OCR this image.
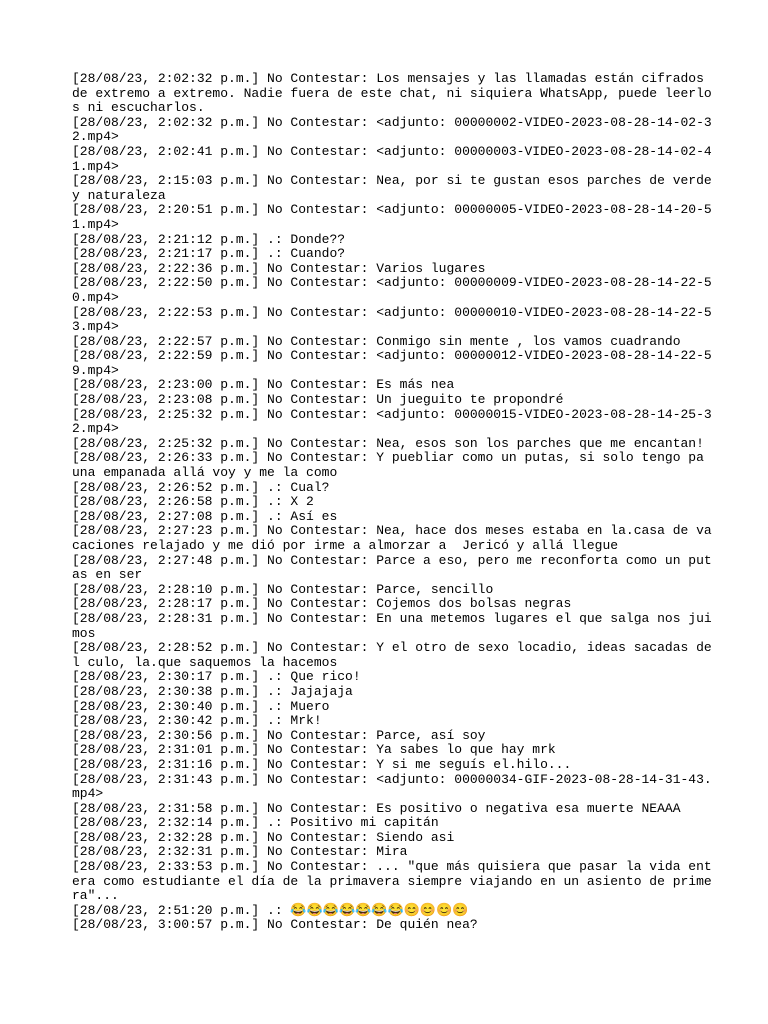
[28/08/23, 2:02:32 p.m.] No Contestar: Los mensajes y las llamadas están cifrados de extremo a extremo. Nadie fuera de este chat, ni siquiera WhatsApp, puede leerlos ni escucharlos.
[28/08/23, 2:02:32 p.m.] No Contestar: <adjunto: 00000002-VIDEO-2023-08-28-14-02-32.mp4>
[28/08/23, 2:02:41 p.m.] No Contestar: <adjunto: 00000003-VIDEO-2023-08-28-14-02-41.mp4>
[28/08/23, 2:15:03 p.m.] No Contestar: Nea, por si te gustan esos parches de verde y naturaleza
[28/08/23, 2:20:51 p.m.] No Contestar: <adjunto: 00000005-VIDEO-2023-08-28-14-20-51.mp4>
[28/08/23, 2:21:12 p.m.] .: Donde??
[28/08/23, 2:21:17 p.m.] .: Cuando?
[28/08/23, 2:22:36 p.m.] No Contestar: Varios lugares
[28/08/23, 2:22:50 p.m.] No Contestar: <adjunto: 00000009-VIDEO-2023-08-28-14-22-50.mp4>
[28/08/23, 2:22:53 p.m.] No Contestar: <adjunto: 00000010-VIDEO-2023-08-28-14-22-53.mp4>
[28/08/23, 2:22:57 p.m.] No Contestar: Conmigo sin mente , los vamos cuadrando
[28/08/23, 2:22:59 p.m.] No Contestar: <adjunto: 00000012-VIDEO-2023-08-28-14-22-59.mp4>
[28/08/23, 2:23:00 p.m.] No Contestar: Es más nea
[28/08/23, 2:23:08 p.m.] No Contestar: Un jueguito te propondré
[28/08/23, 2:25:32 p.m.] No Contestar: <adjunto: 00000015-VIDEO-2023-08-28-14-25-32.mp4>
[28/08/23, 2:25:32 p.m.] No Contestar: Nea, esos son los parches que me encantan!
[28/08/23, 2:26:33 p.m.] No Contestar: Y puebliar como un putas, si solo tengo pa una empanada allá voy y me la como
[28/08/23, 2:26:52 p.m.] .: Cual?
[28/08/23, 2:26:58 p.m.] .: X 2
[28/08/23, 2:27:08 p.m.] .: Así es
[28/08/23, 2:27:23 p.m.] No Contestar: Nea, hace dos meses estaba en la.casa de vacaciones relajado y me dió por irme a almorzar a  Jericó y allá llegue
[28/08/23, 2:27:48 p.m.] No Contestar: Parce a eso, pero me reconforta como un putas en ser
[28/08/23, 2:28:10 p.m.] No Contestar: Parce, sencillo
[28/08/23, 2:28:17 p.m.] No Contestar: Cojemos dos bolsas negras
[28/08/23, 2:28:31 p.m.] No Contestar: En una metemos lugares el que salga nos juimos
[28/08/23, 2:28:52 p.m.] No Contestar: Y el otro de sexo locadio, ideas sacadas del culo, la.que saquemos la hacemos
[28/08/23, 2:30:17 p.m.] .: Que rico!
[28/08/23, 2:30:38 p.m.] .: Jajajaja
[28/08/23, 2:30:40 p.m.] .: Muero
[28/08/23, 2:30:42 p.m.] .: Mrk!
[28/08/23, 2:30:56 p.m.] No Contestar: Parce, así soy
[28/08/23, 2:31:01 p.m.] No Contestar: Ya sabes lo que hay mrk
[28/08/23, 2:31:16 p.m.] No Contestar: Y si me seguís el.hilo...
[28/08/23, 2:31:43 p.m.] No Contestar: <adjunto: 00000034-GIF-2023-08-28-14-31-43.mp4>
[28/08/23, 2:31:58 p.m.] No Contestar: Es positivo o negativa esa muerte NEAAA
[28/08/23, 2:32:14 p.m.] .: Positivo mi capitán
[28/08/23, 2:32:28 p.m.] No Contestar: Siendo asi
[28/08/23, 2:32:31 p.m.] No Contestar: Mira
[28/08/23, 2:33:53 p.m.] No Contestar: ... "que más quisiera que pasar la vida entera como estudiante el día de la primavera siempre viajando en un asiento de primera"...
[28/08/23, 2:51:20 p.m.] .: 😂😂😂😂😂😂😂😊😊😊😊
[28/08/23, 3:00:57 p.m.] No Contestar: De quién nea?
